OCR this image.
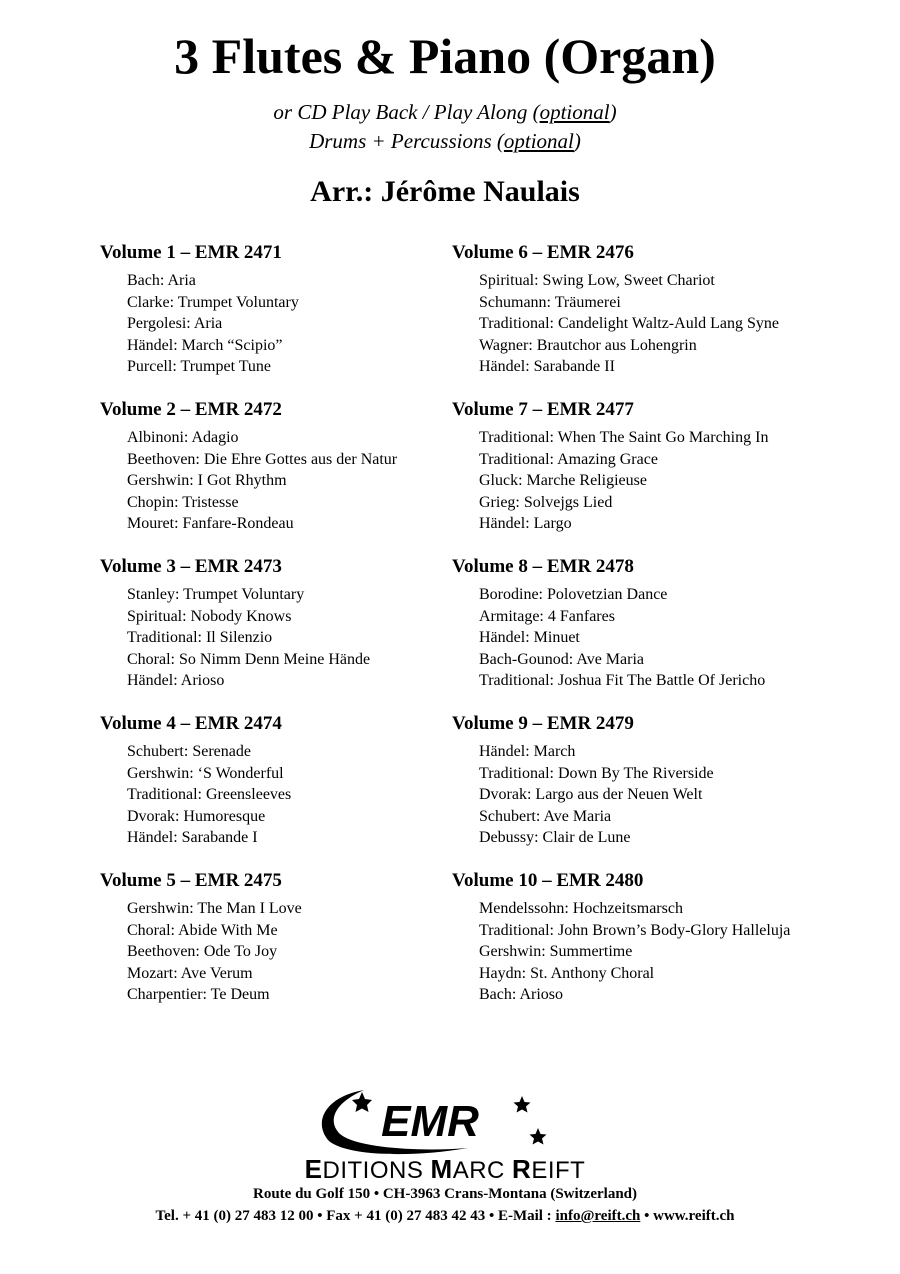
3 Flutes & Piano (Organ)
or CD Play Back / Play Along (optional)
Drums + Percussions (optional)
Arr.: Jérôme Naulais
Volume 1 – EMR 2471
Bach: Aria
Clarke: Trumpet Voluntary
Pergolesi: Aria
Händel: March “Scipio”
Purcell: Trumpet Tune
Volume 2 – EMR 2472
Albinoni: Adagio
Beethoven: Die Ehre Gottes aus der Natur
Gershwin: I Got Rhythm
Chopin: Tristesse
Mouret: Fanfare-Rondeau
Volume 3 – EMR 2473
Stanley: Trumpet Voluntary
Spiritual: Nobody Knows
Traditional: Il Silenzio
Choral: So Nimm Denn Meine Hände
Händel: Arioso
Volume 4 – EMR 2474
Schubert: Serenade
Gershwin: ‘S Wonderful
Traditional: Greensleeves
Dvorak: Humoresque
Händel: Sarabande I
Volume 5 – EMR 2475
Gershwin: The Man I Love
Choral: Abide With Me
Beethoven: Ode To Joy
Mozart: Ave Verum
Charpentier: Te Deum
Volume 6 – EMR 2476
Spiritual: Swing Low, Sweet Chariot
Schumann: Träumerei
Traditional: Candelight Waltz-Auld Lang Syne
Wagner: Brautchor aus Lohengrin
Händel: Sarabande II
Volume 7 – EMR 2477
Traditional: When The Saint Go Marching In
Traditional: Amazing Grace
Gluck: Marche Religieuse
Grieg: Solvejgs Lied
Händel: Largo
Volume 8 – EMR 2478
Borodine: Polovetzian Dance
Armitage: 4 Fanfares
Händel: Minuet
Bach-Gounod: Ave Maria
Traditional: Joshua Fit The Battle Of Jericho
Volume 9 – EMR 2479
Händel: March
Traditional: Down By The Riverside
Dvorak: Largo aus der Neuen Welt
Schubert: Ave Maria
Debussy: Clair de Lune
Volume 10 – EMR 2480
Mendelssohn: Hochzeitsmarsch
Traditional: John Brown’s Body-Glory Halleluja
Gershwin: Summertime
Haydn: St. Anthony Choral
Bach: Arioso
EMR
EDITIONS MARC REIFT
Route du Golf 150 • CH-3963 Crans-Montana (Switzerland)
Tel. + 41 (0) 27 483 12 00 • Fax + 41 (0) 27 483 42 43 • E-Mail : info@reift.ch • www.reift.ch
